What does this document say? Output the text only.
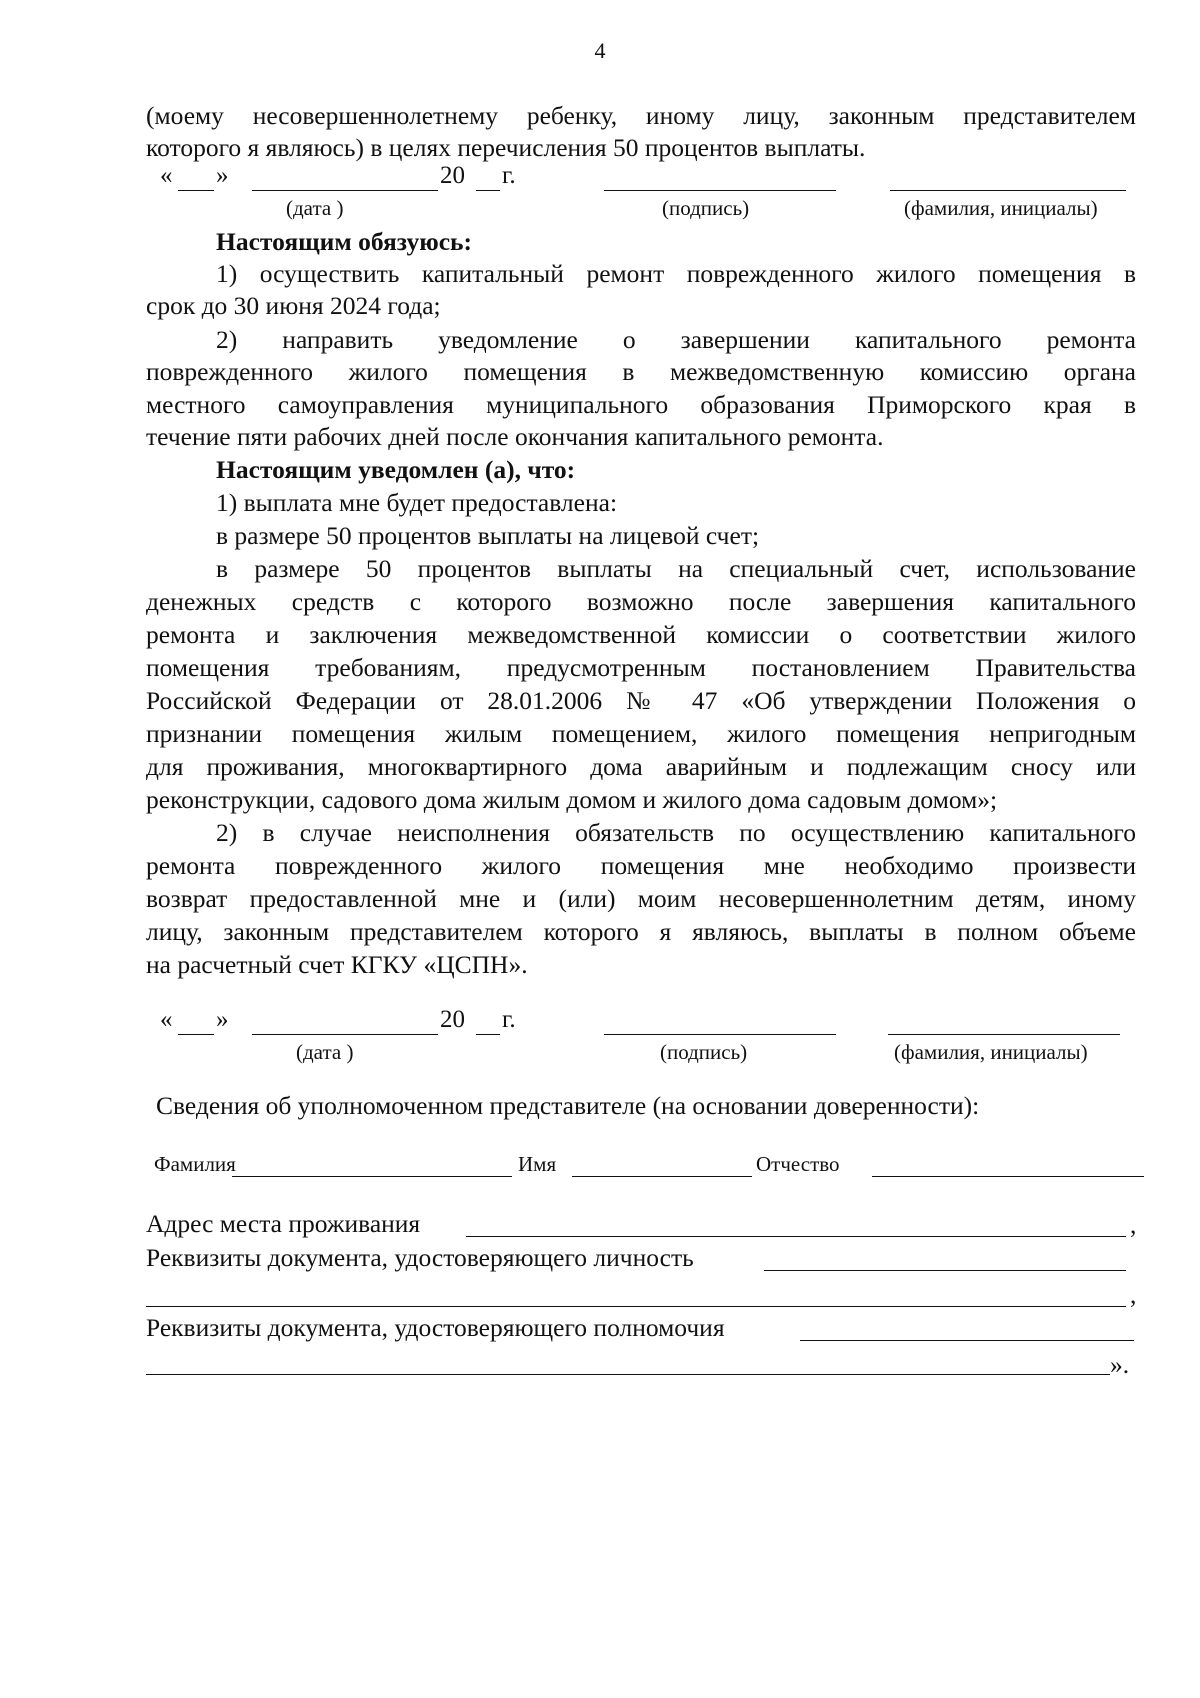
4
(моему несовершеннолетнему ребенку, иному лицу, законным представителем
которого я являюсь) в целях перечисления 50 процентов выплаты.
« »	20 г.
(дата )	(подпись)	(фамилия, инициалы)
Настоящим обязуюсь:
1) осуществить капитальный ремонт поврежденного жилого помещения в
срок до 30 июня 2024 года;
2) направить уведомление о завершении капитального ремонта
поврежденного жилого помещения в межведомственную комиссию органа
местного самоуправления муниципального образования Приморского края в
течение пяти рабочих дней после окончания капитального ремонта.
Настоящим уведомлен (а), что:
1) выплата мне будет предоставлена:
в размере 50 процентов выплаты на лицевой счет;
в размере 50 процентов выплаты на специальный счет, использование
денежных средств с которого возможно после завершения капитального
ремонта и заключения межведомственной комиссии о соответствии жилого
помещения требованиям, предусмотренным постановлением Правительства
Российской Федерации от 28.01.2006 № 47 «Об утверждении Положения о
признании помещения жилым помещением, жилого помещения непригодным
для проживания, многоквартирного дома аварийным и подлежащим сносу или
реконструкции, садового дома жилым домом и жилого дома садовым домом»;
2) в случае неисполнения обязательств по осуществлению капитального
ремонта поврежденного жилого помещения мне необходимо произвести
возврат предоставленной мне и (или) моим несовершеннолетним детям, иному
лицу, законным представителем которого я являюсь, выплаты в полном объеме
на расчетный счет КГКУ «ЦСПН».
« »	20 г.
(дата )	(подпись)	(фамилия, инициалы)
Сведения об уполномоченном представителе (на основании доверенности):
Фамилия	Имя	Отчество
Адрес места проживания	,
Реквизиты документа, удостоверяющего личность
,
Реквизиты документа, удостоверяющего полномочия
».
